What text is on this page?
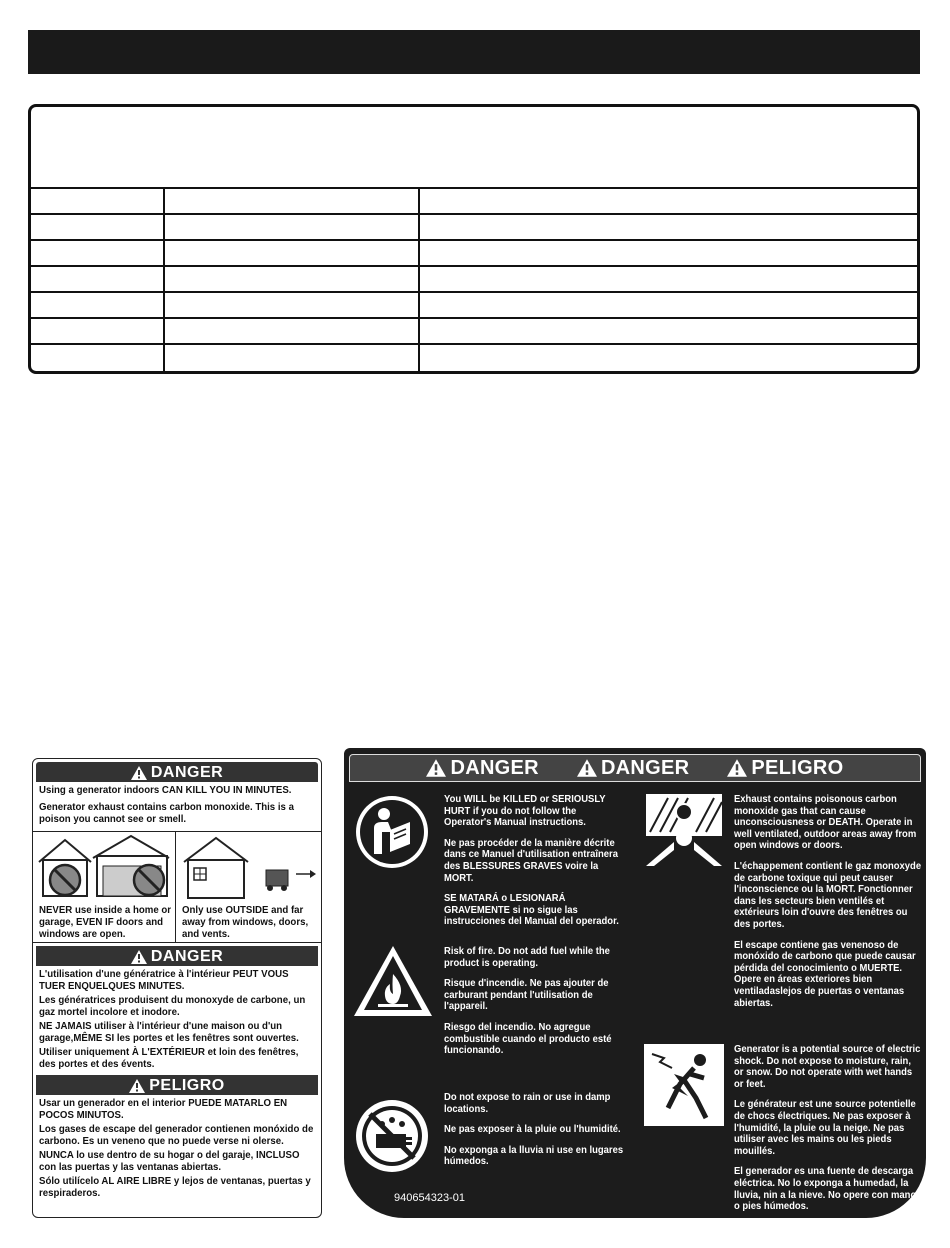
DANGER
Using a generator indoors CAN KILL YOU IN MINUTES.
Generator exhaust contains carbon monoxide. This is a poison you cannot see or smell.
NEVER use inside a home or garage, EVEN IF doors and windows are open.
Only use OUTSIDE and far away from windows, doors, and vents.
DANGER
L'utilisation d'une génératrice à l'intérieur PEUT VOUS TUER ENQUELQUES MINUTES.
Les génératrices produisent du monoxyde de carbone, un gaz mortel incolore et inodore.
NE JAMAIS utiliser à l'intérieur d'une maison ou d'un garage,MÊME SI les portes et les fenêtres sont ouvertes.
Utiliser uniquement À L'EXTÉRIEUR et loin des fenêtres, des portes et des évents.
PELIGRO
Usar un generador en el interior PUEDE MATARLO EN POCOS MINUTOS.
Los gases de escape del generador contienen monóxido de carbono. Es un veneno que no puede verse ni olerse.
NUNCA lo use dentro de su hogar o del garaje, INCLUSO con las puertas y las ventanas abiertas.
Sólo utilícelo AL AIRE LIBRE y lejos de ventanas, puertas y respiraderos.
DANGER	DANGER	PELIGRO

You WILL be KILLED or SERIOUSLY HURT if you do not follow the Operator's Manual instructions.

Ne pas procéder de la manière décrite dans ce Manuel d'utilisation entraînera des BLESSURES GRAVES voire la MORT.

SE MATARÁ o LESIONARÁ GRAVEMENTE si no sigue las instrucciones del Manual del operador.

Risk of fire. Do not add fuel while the product is operating.

Risque d'incendie. Ne pas ajouter de carburant pendant l'utilisation de l'appareil.

Riesgo del incendio. No agregue combustible cuando el producto esté funcionando.

Do not expose to rain or use in damp locations.

Ne pas exposer à la pluie ou l'humidité.

No exponga a la lluvia ni use en lugares húmedos.

Exhaust contains poisonous carbon monoxide gas that can cause unconsciousness or DEATH. Operate in well ventilated, outdoor areas away from open windows or doors.

L'échappement contient le gaz monoxyde de carbone toxique qui peut causer l'inconscience ou la MORT. Fonctionner dans les secteurs bien ventilés et extérieurs loin d'ouvre des fenêtres ou des portes.

El escape contiene gas venenoso de monóxido de carbono que puede causar pérdida del conocimiento o MUERTE. Opere en áreas exteriores bien ventiladaslejos de puertas o ventanas abiertas.

Generator is a potential source of electric shock. Do not expose to moisture, rain, or snow. Do not operate with wet hands or feet.

Le générateur est une source potentielle de chocs électriques. Ne pas exposer à l'humidité, la pluie ou la neige. Ne pas utiliser avec les mains ou les pieds mouillés.

El generador es una fuente de descarga eléctrica. No lo exponga a humedad, la lluvia, nin a la nieve. No opere con manos o pies húmedos.

940654323-01
